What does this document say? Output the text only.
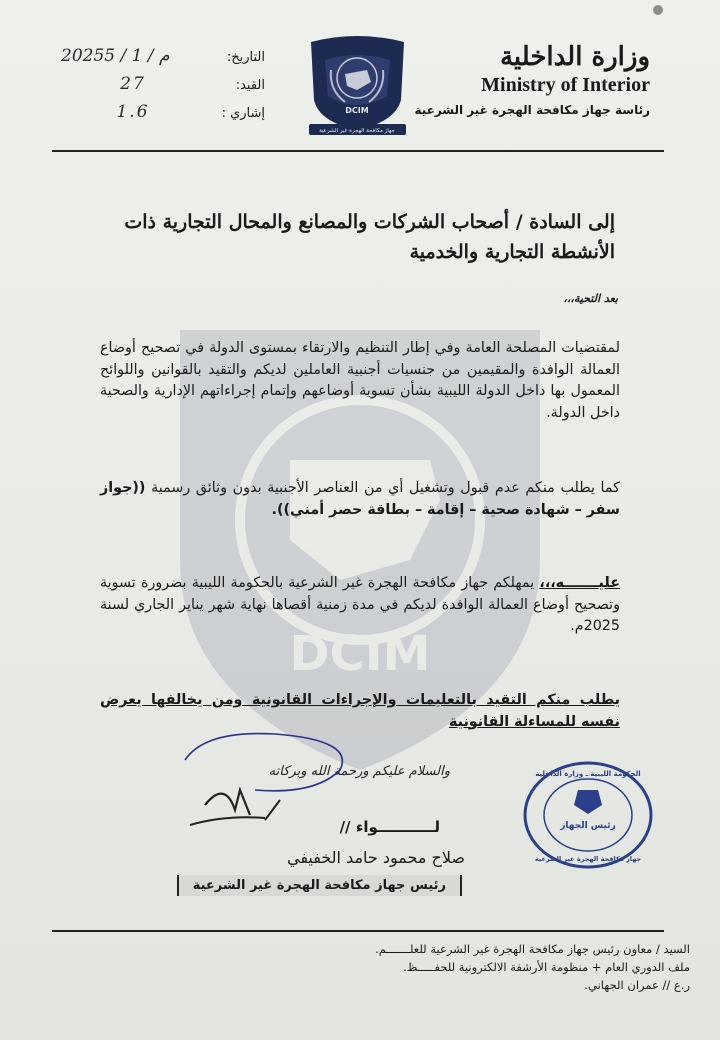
DCIM
وزارة الداخلية
Ministry of Interior
رئاسة جهاز مكافحة الهجرة غير الشرعية
DCIM
جهاز مكافحة الهجرة غير الشرعية
التاريخ:
2025م / 1 / 5
القيد:
27
إشاري :
1.6
إلى السادة / أصحاب الشركات والمصانع والمحال التجارية ذات
الأنشطة التجارية والخدمية
بعد التحية،،،
لمقتضيات المصلحة العامة وفي إطار التنظيم والارتقاء بمستوى الدولة في تصحيح أوضاع العمالة الوافدة والمقيمين من جنسيات أجنبية العاملين لديكم والتقيد بالقوانين واللوائح المعمول بها داخل الدولة الليبية بشأن تسوية أوضاعهم وإتمام إجراءاتهم الإدارية والصحية داخل الدولة.
كما يطلب منكم عدم قبول وتشغيل أي من العناصر الأجنبية بدون وثائق رسمية ((جواز سفر – شهادة صحية – إقامة – بطاقة حصر أمني)).
عليـــــــه،،، يمهلكم جهاز مكافحة الهجرة غير الشرعية بالحكومة الليبية بضرورة تسوية وتصحيح أوضاع العمالة الوافدة لديكم في مدة زمنية أقصاها نهاية شهر يناير الجاري لسنة 2025م.
يطلب منكم التقيد بالتعليمات والإجراءات القانونية ومن يخالفها يعرض نفسه للمساءلة القانونية
والسلام عليكم ورحمة الله وبركاته
لـــــــــــواء //
صلاح محمود حامد الخفيفي
رئيس جهاز مكافحة الهجرة غير الشرعية
الحكومة الليبية ـ وزارة الداخلية
رئيس الجهاز
جهاز مكافحة الهجرة غير الشرعية
السيد / معاون رئيس جهاز مكافحة الهجرة غير الشرعية للعلـــــــم.
ملف الدوري العام + منظومة الأرشفة الالكترونية للحفـــــظ.
ر.ع // عمران الجهاني.
